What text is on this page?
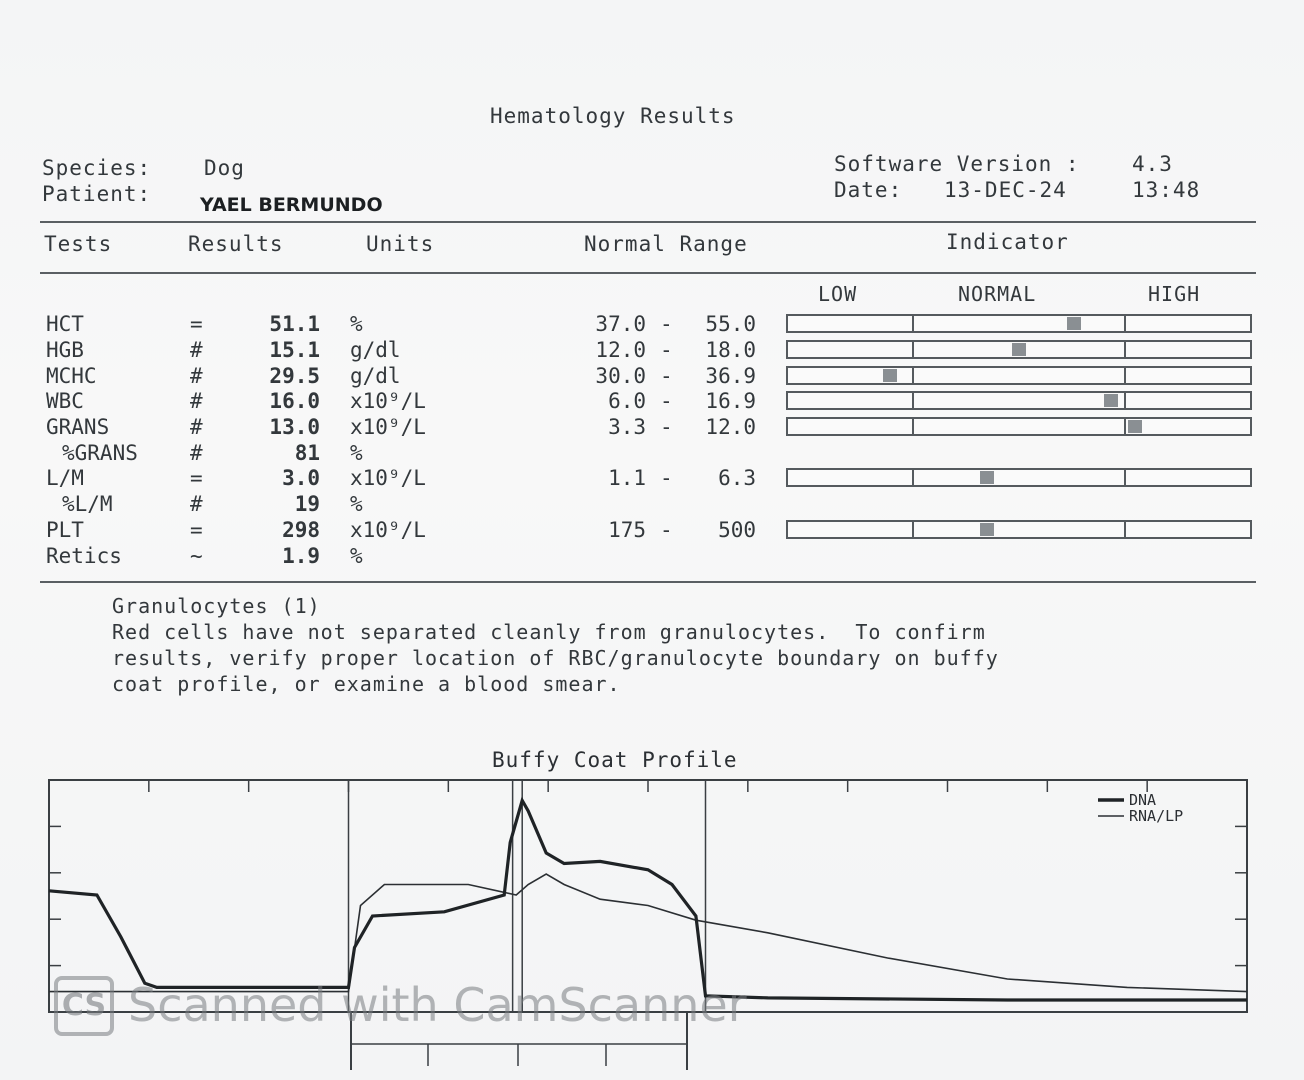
Hematology Results
Species:	Dog
Patient:	YAEL BERMUNDO
Software Version : 4.3
Date: 13-DEC-24	13:48
Tests	Results	Units	Normal Range	Indicator
LOW	NORMAL	HIGH
HCT	=	51.1 %	37.0 -	55.0
HGB	#	15.1 g/dl	12.0 -	18.0
MCHC	#	29.5 g/dl	30.0 -	36.9
WBC	#	16.0 x10⁹/L	6.0 -	16.9
GRANS	#	13.0 x10⁹/L	3.3 -	12.0
%GRANS #	81 %
L/M	=	3.0 x10⁹/L	1.1 -	6.3
%L/M	#	19 %
PLT	=	298 x10⁹/L	175 -	500
Retics	~	1.9 %
Granulocytes (1)
Red cells have not separated cleanly from granulocytes.  To confirm
results, verify proper location of RBC/granulocyte boundary on buffy
coat profile, or examine a blood smear.
Buffy Coat Profile
DNA
RNA/LP
CS Scanned with CamScanner
